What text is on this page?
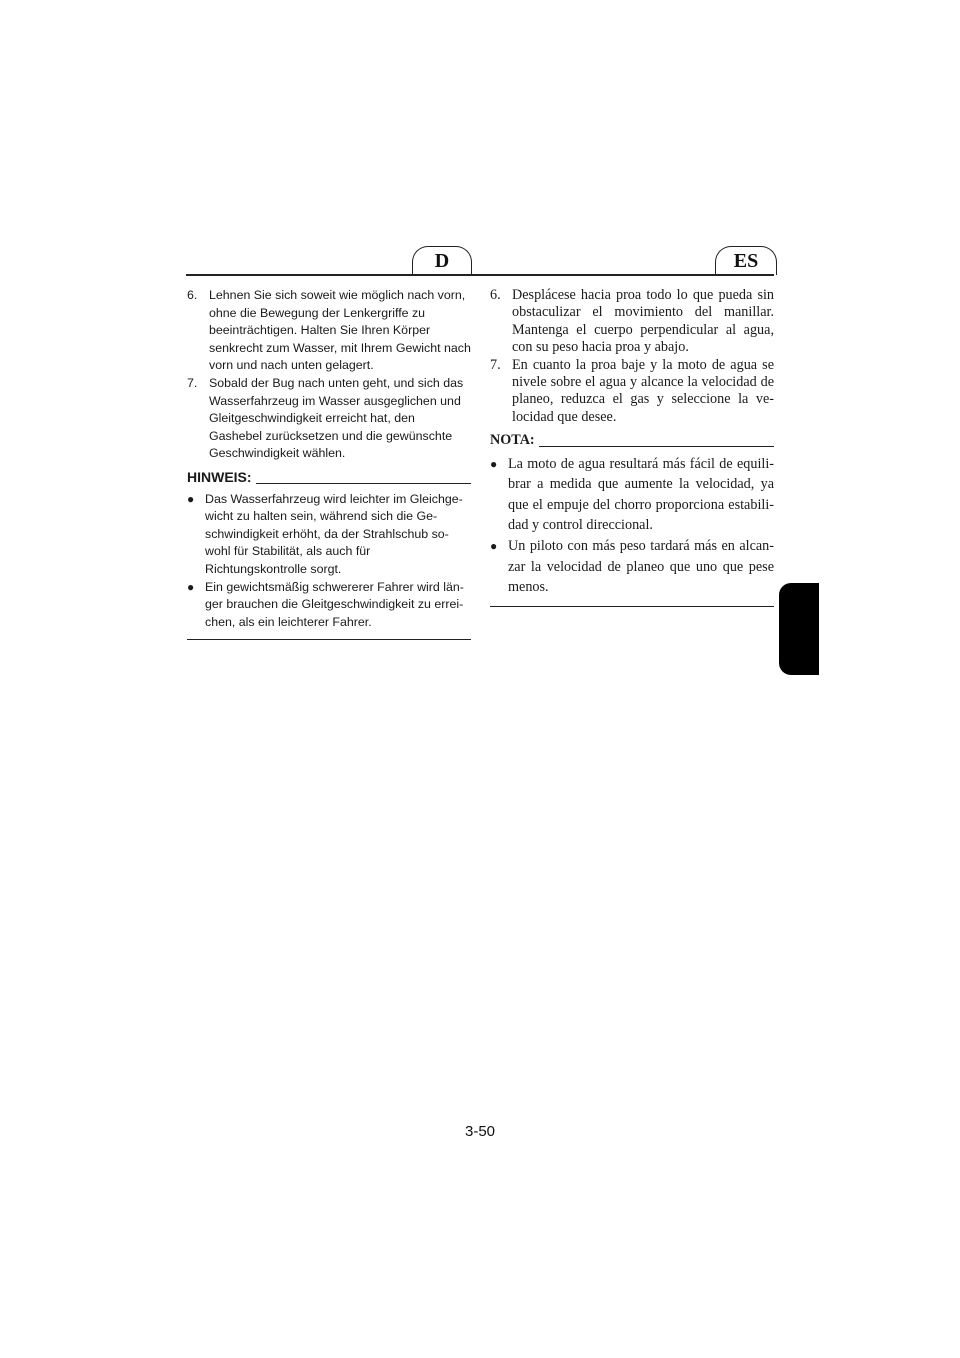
D	ES
6. Lehnen Sie sich soweit wie möglich nach vorn, ohne die Bewegung der Lenkergriffe zu beeinträchtigen. Halten Sie Ihren Körper senkrecht zum Wasser, mit Ihrem Gewicht nach vorn und nach unten gelagert.
7. Sobald der Bug nach unten geht, und sich das Wasserfahrzeug im Wasser ausgeglichen und Gleitgeschwindigkeit erreicht hat, den Gashebel zurücksetzen und die gewünschte Geschwindigkeit wählen.
HINWEIS:
● Das Wasserfahrzeug wird leichter im Gleichge- wicht zu halten sein, während sich die Ge- schwindigkeit erhöht, da der Strahlschub so- wohl für Stabilität, als auch für Richtungskontrolle sorgt.
● Ein gewichtsmäßig schwererer Fahrer wird län- ger brauchen die Gleitgeschwindigkeit zu errei- chen, als ein leichterer Fahrer.
6. Desplácese hacia proa todo lo que pueda sin obstaculizar el movimiento del manillar. Mantenga el cuerpo perpendicular al agua, con su peso hacia proa y abajo.
7. En cuanto la proa baje y la moto de agua se nivele sobre el agua y alcance la velocidad de planeo, reduzca el gas y seleccione la ve- locidad que desee.
NOTA:
● La moto de agua resultará más fácil de equili- brar a medida que aumente la velocidad, ya que el empuje del chorro proporciona estabili- dad y control direccional.
● Un piloto con más peso tardará más en alcan- zar la velocidad de planeo que uno que pese menos.
3-50
